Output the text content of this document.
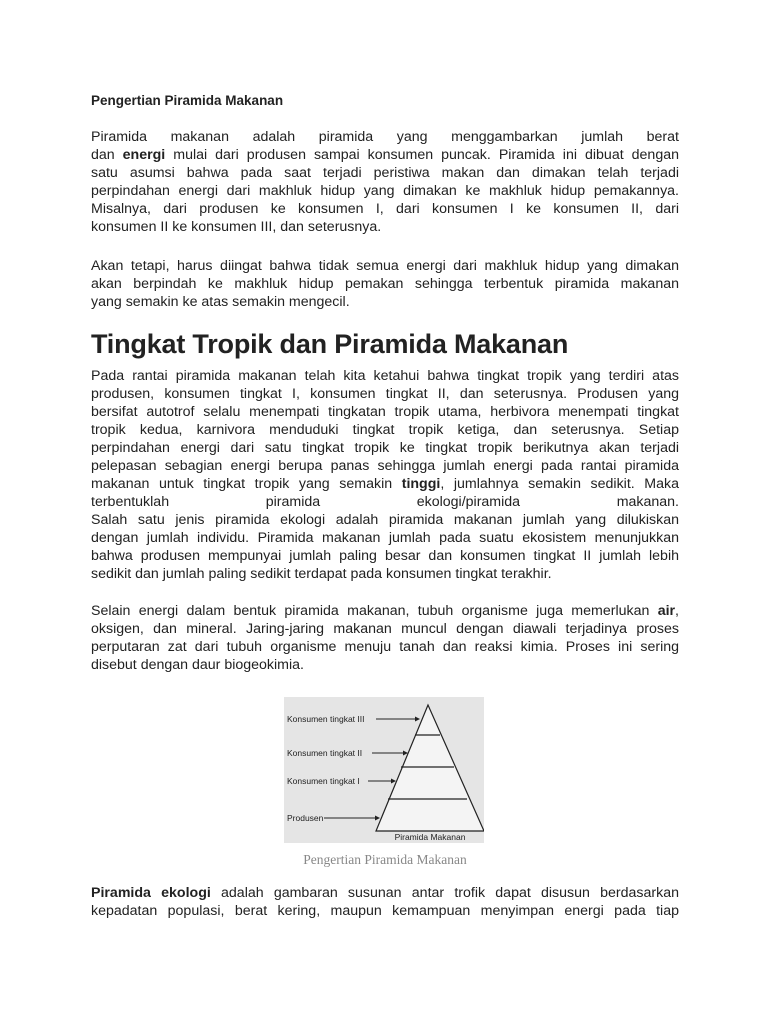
Pengertian Piramida Makanan

Piramida makanan adalah piramida yang menggambarkan jumlah berat
dan energi mulai dari produsen sampai konsumen puncak. Piramida ini dibuat dengan
satu asumsi bahwa pada saat terjadi peristiwa makan dan dimakan telah terjadi
perpindahan energi dari makhluk hidup yang dimakan ke makhluk hidup pemakannya.
Misalnya, dari produsen ke konsumen I, dari konsumen I ke konsumen II, dari
konsumen II ke konsumen III, dan seterusnya.

Akan tetapi, harus diingat bahwa tidak semua energi dari makhluk hidup yang dimakan
akan berpindah ke makhluk hidup pemakan sehingga terbentuk piramida makanan
yang semakin ke atas semakin mengecil.

Tingkat Tropik dan Piramida Makanan

Pada rantai piramida makanan telah kita ketahui bahwa tingkat tropik yang terdiri atas
produsen, konsumen tingkat I, konsumen tingkat II, dan seterusnya. Produsen yang
bersifat autotrof selalu menempati tingkatan tropik utama, herbivora menempati tingkat
tropik kedua, karnivora menduduki tingkat tropik ketiga, dan seterusnya. Setiap
perpindahan energi dari satu tingkat tropik ke tingkat tropik berikutnya akan terjadi
pelepasan sebagian energi berupa panas sehingga jumlah energi pada rantai piramida
makanan untuk tingkat tropik yang semakin tinggi, jumlahnya semakin sedikit. Maka
terbentuklah piramida ekologi/piramida makanan.
Salah satu jenis piramida ekologi adalah piramida makanan jumlah yang dilukiskan
dengan jumlah individu. Piramida makanan jumlah pada suatu ekosistem menunjukkan
bahwa produsen mempunyai jumlah paling besar dan konsumen tingkat II jumlah lebih
sedikit dan jumlah paling sedikit terdapat pada konsumen tingkat terakhir.

Selain energi dalam bentuk piramida makanan, tubuh organisme juga memerlukan air,
oksigen, dan mineral. Jaring-jaring makanan muncul dengan diawali terjadinya proses
perputaran zat dari tubuh organisme menuju tanah dan reaksi kimia. Proses ini sering
disebut dengan daur biogeokimia.

Konsumen tingkat III
Konsumen tingkat II
Konsumen tingkat I
Produsen
Piramida Makanan

Pengertian Piramida Makanan

Piramida ekologi adalah gambaran susunan antar trofik dapat disusun berdasarkan
kepadatan populasi, berat kering, maupun kemampuan menyimpan energi pada tiap
